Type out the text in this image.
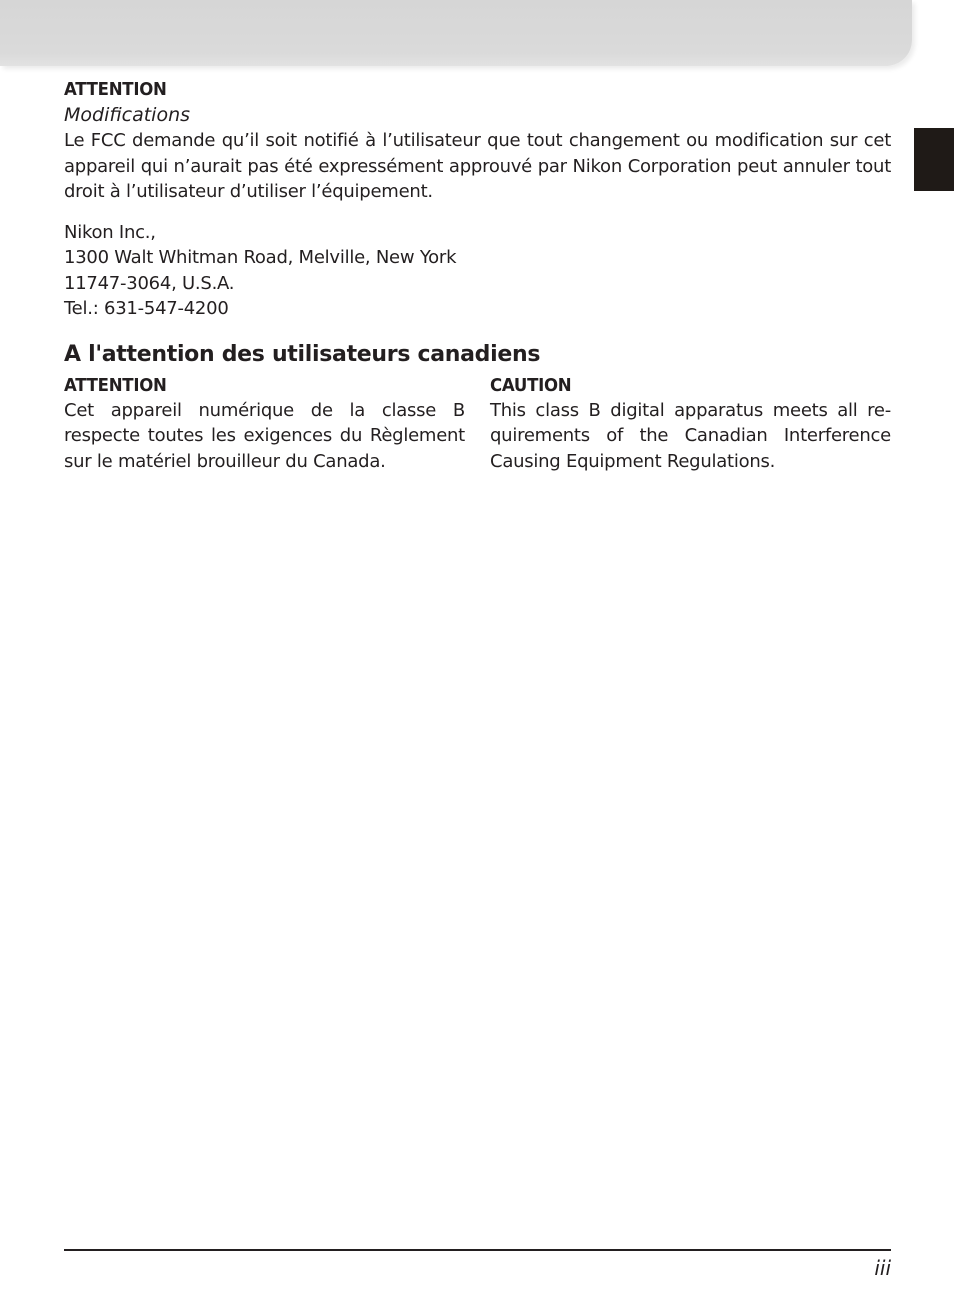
ATTENTION
Modifications

Le FCC demande qu’il soit notifié à l’utilisateur que tout changement ou modification sur cet appareil qui n’aurait pas été expressément approuvé par Nikon Corporation peut annuler tout droit à l’utilisateur d’utiliser l’équipement.

Nikon Inc.,
1300 Walt Whitman Road, Melville, New York
11747-3064, U.S.A.
Tel.: 631-547-4200
A l'attention des utilisateurs canadiens
ATTENTION

Cet appareil numérique de la classe B respecte toutes les exigences du Règlement sur le matériel brouilleur du Canada.

CAUTION

This class B digital apparatus meets all re-quirements of the Canadian Interference Causing Equipment Regulations.

iii
